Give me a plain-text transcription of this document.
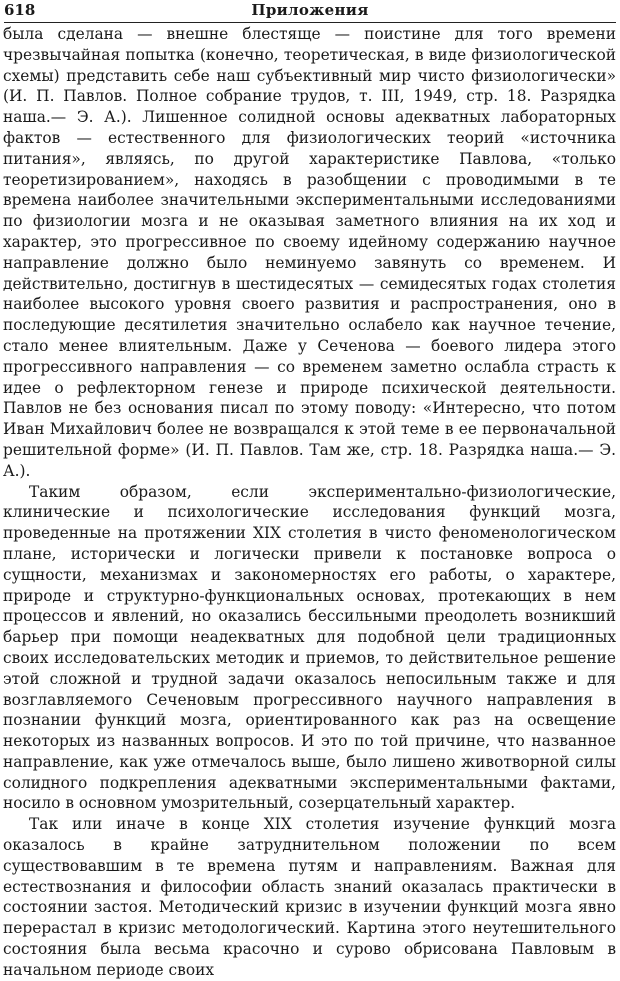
618	Приложения

была сделана — внешне блестяще — поистине для того времени чрезвычайная попытка (конечно, теоретическая, в виде физиологической схемы) представить себе наш субъективный мир чисто физиологически» (И. П. Павлов. Полное собрание трудов, т. III, 1949, стр. 18. Разрядка наша.— Э. А.). Лишенное солидной основы адекватных лабораторных фактов — естественного для физиологических теорий «источника питания», являясь, по другой характеристике Павлова, «только теоретизированием», находясь в разобщении с проводимыми в те времена наиболее значительными экспериментальными исследованиями по физиологии мозга и не оказывая заметного влияния на их ход и характер, это прогрессивное по своему идейному содержанию научное направление должно было неминуемо завянуть со временем. И действительно, достигнув в шестидесятых — семидесятых годах столетия наиболее высокого уровня своего развития и распространения, оно в последующие десятилетия значительно ослабело как научное течение, стало менее влиятельным. Даже у Сеченова — боевого лидера этого прогрессивного направления — со временем заметно ослабла страсть к идее о рефлекторном генезе и природе психической деятельности. Павлов не без основания писал по этому поводу: «Интересно, что потом Иван Михайлович более не возвращался к этой теме в ее первоначальной решительной форме» (И. П. Павлов. Там же, стр. 18. Разрядка наша.— Э. А.).

Таким образом, если экспериментально-физиологические, клинические и психологические исследования функций мозга, проведенные на протяжении XIX столетия в чисто феноменологическом плане, исторически и логически привели к постановке вопроса о сущности, механизмах и закономерностях его работы, о характере, природе и структурно-функциональных основах, протекающих в нем процессов и явлений, но оказались бессильными преодолеть возникший барьер при помощи неадекватных для подобной цели традиционных своих исследовательских методик и приемов, то действительное решение этой сложной и трудной задачи оказалось непосильным также и для возглавляемого Сеченовым прогрессивного научного направления в познании функций мозга, ориентированного как раз на освещение некоторых из названных вопросов. И это по той причине, что названное направление, как уже отмечалось выше, было лишено животворной силы солидного подкрепления адекватными экспериментальными фактами, носило в основном умозрительный, созерцательный характер.

Так или иначе в конце XIX столетия изучение функций мозга оказалось в крайне затруднительном положении по всем существовавшим в те времена путям и направлениям. Важная для естествознания и философии область знаний оказалась практически в состоянии застоя. Методический кризис в изучении функций мозга явно перерастал в кризис методологический. Картина этого неутешительного состояния была весьма красочно и сурово обрисована Павловым в начальном периоде своих
